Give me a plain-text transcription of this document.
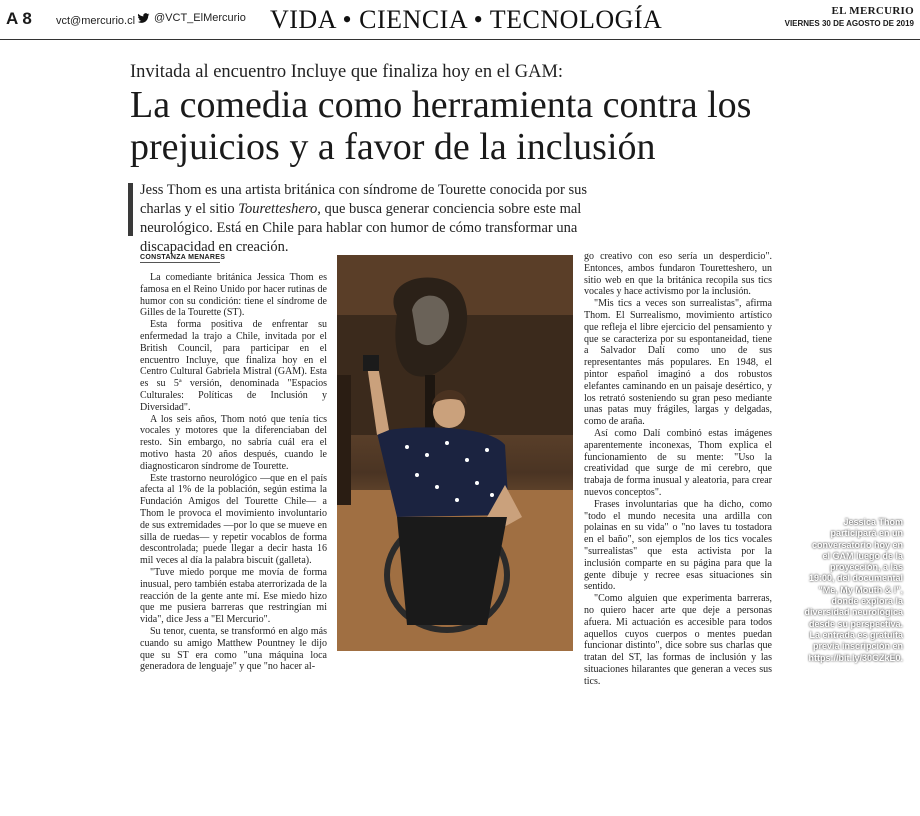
A 8 vct@mercurio.cl @VCT_ElMercurio VIDA • CIENCIA • TECNOLOGÍA	EL MERCURIO
VIERNES 30 DE AGOSTO DE 2019
Invitada al encuentro Incluye que finaliza hoy en el GAM:
La comedia como herramienta contra los prejuicios y a favor de la inclusión
Jess Thom es una artista británica con síndrome de Tourette conocida por sus charlas y el sitio Touretteshero, que busca generar conciencia sobre este mal neurológico. Está en Chile para hablar con humor de cómo transformar una discapacidad en creación.
CONSTANZA MENARES

La comediante británica Jessica Thom es famosa en el Reino Unido por hacer rutinas de humor con su condición: tiene el síndrome de Gilles de la Tourette (ST).

Esta forma positiva de enfrentar su enfermedad la trajo a Chile, invitada por el British Council, para participar en el encuentro Incluye, que finaliza hoy en el Centro Cultural Gabriela Mistral (GAM). Esta es su 5ª versión, denominada "Espacios Culturales: Políticas de Inclusión y Diversidad".

A los seis años, Thom notó que tenía tics vocales y motores que la diferenciaban del resto. Sin embargo, no sabría cuál era el motivo hasta 20 años después, cuando le diagnosticaron síndrome de Tourette.

Este trastorno neurológico —que en el país afecta al 1% de la población, según estima la Fundación Amigos del Tourette Chile— a Thom le provoca el movimiento involuntario de sus extremidades —por lo que se mueve en silla de ruedas— y repetir vocablos de forma descontrolada; puede llegar a decir hasta 16 mil veces al día la palabra biscuit (galleta).

"Tuve miedo porque me movía de forma inusual, pero también estaba aterrorizada de la reacción de la gente ante mí. Ese miedo hizo que me pusiera barreras que restringían mi vida", dice Jess a "El Mercurio".

Su tenor, cuenta, se transformó en algo más cuando su amigo Matthew Pountney le dijo que su ST era como "una máquina loca generadora de lenguaje" y que "no hacer al-

Jessica Thom participará en un conversatorio hoy en el GAM luego de la proyección, a las 19:00, del documental "Me, My Mouth & I", donde explora la diversidad neurológica desde su perspectiva. La entrada es gratuita previa inscripción en https://bit.ly/30GZkE0.
PAO REQUELME / GAM

go creativo con eso sería un desperdicio". Entonces, ambos fundaron Touretteshero, un sitio web en que la británica recopila sus tics vocales y hace activismo por la inclusión.

"Mis tics a veces son surrealistas", afirma Thom. El Surrealismo, movimiento artístico que refleja el libre ejercicio del pensamiento y que se caracteriza por su espontaneidad, tiene a Salvador Dalí como uno de sus representantes más populares. En 1948, el pintor español imaginó a dos robustos elefantes caminando en un paisaje desértico, y los retrató sosteniendo su gran peso mediante unas patas muy frágiles, largas y delgadas, como de araña.

Así como Dalí combinó estas imágenes aparentemente inconexas, Thom explica el funcionamiento de su mente: "Uso la creatividad que surge de mi cerebro, que trabaja de forma inusual y aleatoria, para crear nuevos conceptos".

Frases involuntarias que ha dicho, como "todo el mundo necesita una ardilla con polainas en su vida" o "no laves tu tostadora en el baño", son ejemplos de los tics vocales "surrealistas" que esta activista por la inclusión comparte en su página para que la gente dibuje y recree esas situaciones sin sentido.

"Como alguien que experimenta barreras, no quiero hacer arte que deje a personas afuera. Mi actuación es accesible para todos aquellos cuyos cuerpos o mentes puedan funcionar distinto", dice sobre sus charlas que tratan del ST, las formas de inclusión y las situaciones hilarantes que generan a veces sus tics.
